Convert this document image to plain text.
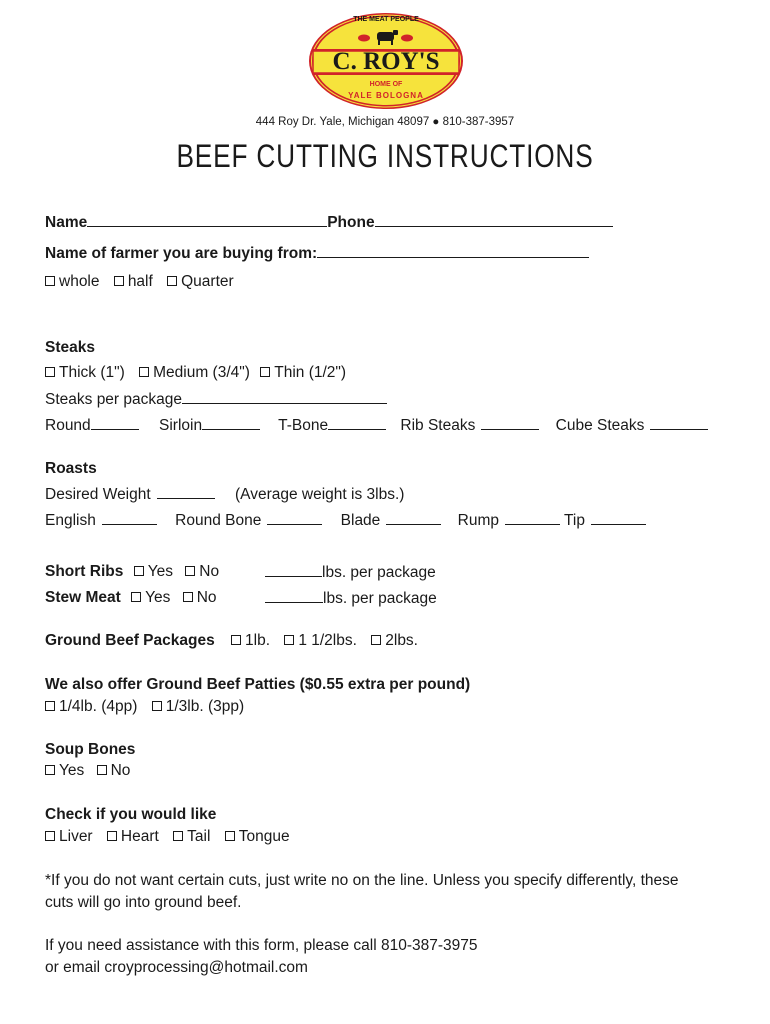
THE MEAT PEOPLE
C. ROY'S
HOME OF
YALE BOLOGNA
444 Roy Dr. Yale, Michigan 48097 ● 810-387-3957
BEEF CUTTING INSTRUCTIONS
Name	Phone
Name of farmer you are buying from:
whole half Quarter
Steaks
Thick (1") Medium (3/4") Thin (1/2")
Steaks per package
Round	Sirloin	T-Bone	Rib Steaks	Cube Steaks
Roasts
Desired Weight	(Average weight is 3lbs.)
English	Round Bone	Blade	Rump	Tip
Short Ribs Yes No	lbs. per package
Stew Meat Yes No	lbs. per package
Ground Beef Packages 1lb. 1 1/2lbs. 2lbs.
We also offer Ground Beef Patties ($0.55 extra per pound)
1/4lb. (4pp) 1/3lb. (3pp)
Soup Bones
Yes No
Check if you would like
Liver Heart Tail Tongue
*If you do not want certain cuts, just write no on the line. Unless you specify differently, these
cuts will go into ground beef.
If you need assistance with this form, please call 810-387-3975
or email croyprocessing@hotmail.com
